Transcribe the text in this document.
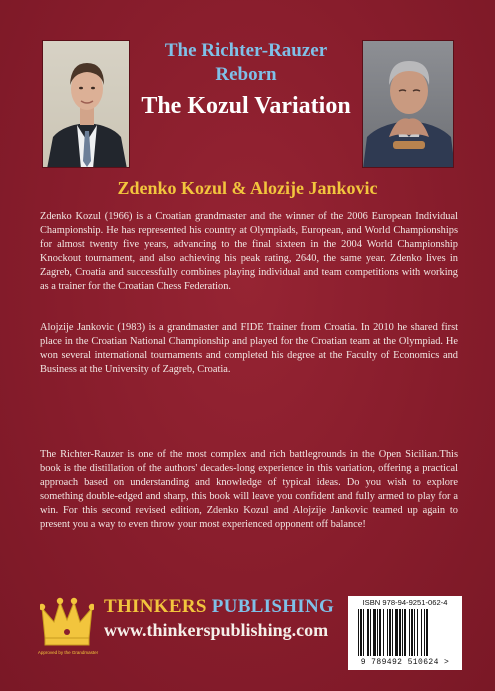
The Richter-Rauzer
Reborn
The Kozul Variation
Zdenko Kozul & Alozije Jankovic

Zdenko Kozul (1966) is a Croatian grandmaster and the winner of the 2006 European Individual Championship. He has represented his country at Olympiads, European, and World Championships for almost twenty five years, advancing to the final sixteen in the 2004 World Championship Knockout tournament, and also achieving his peak rating, 2640, the same year. Zdenko lives in Zagreb, Croatia and successfully combines playing individual and team competitions with working as a trainer for the Croatian Chess Federation.

Alojzije Jankovic (1983) is a grandmaster and FIDE Trainer from Croatia. In 2010 he shared first place in the Croatian National Championship and played for the Croatian team at the Olympiad. He won several international tournaments and completed his degree at the Faculty of Economics and Business at the University of Zagreb, Croatia.

The Richter-Rauzer is one of the most complex and rich battlegrounds in the Open Sicilian.This book is the distillation of the authors' decades-long experience in this variation, offering a practical approach based on understanding and knowledge of typical ideas. Do you wish to explore something double-edged and sharp, this book will leave you confident and fully armed to play for a win. For this second revised edition, Zdenko Kozul and Alojzije Jankovic teamed up again to present you a way to even throw your most experienced opponent off balance!

Approved by the Grandmaster
THINKERS PUBLISHING
www.thinkerspublishing.com
ISBN 978-94-9251-062-4
9 789492 510624 >
